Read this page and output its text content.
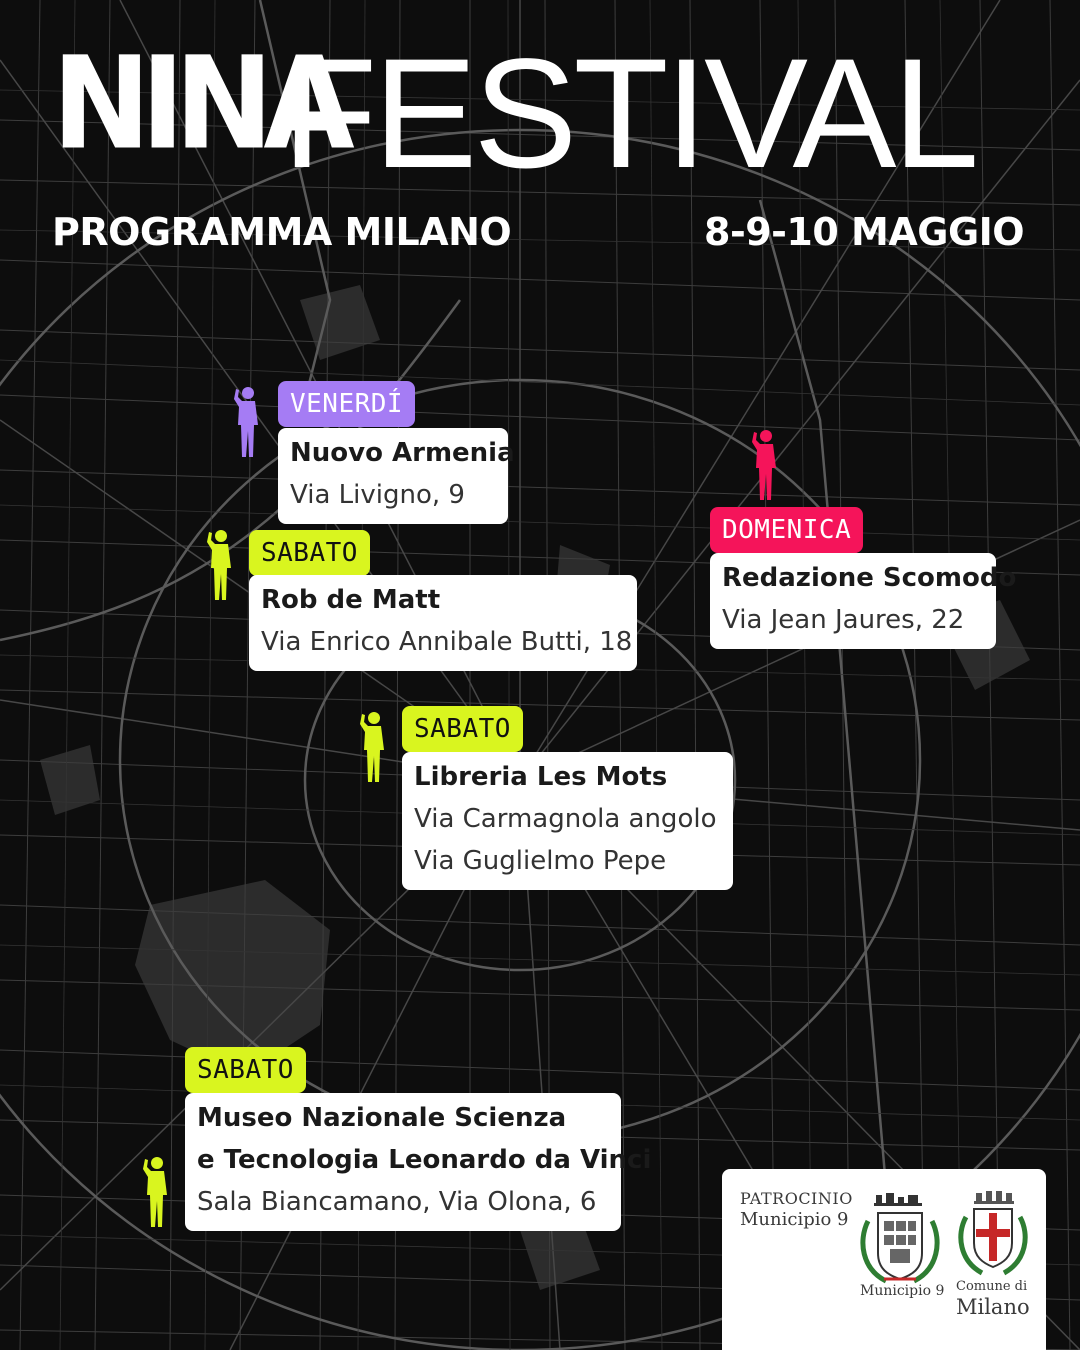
NINA
FESTIVAL
PROGRAMMA MILANO	8-9-10 MAGGIO
VENERDÍ
Nuovo Armenia
Via Livigno, 9
SABATO
Rob de Matt
Via Enrico Annibale Butti, 18
DOMENICA
Redazione Scomodo
Via Jean Jaures, 22
SABATO
Libreria Les Mots
Via Carmagnola angolo
Via Guglielmo Pepe
SABATO
Museo Nazionale Scienza
e Tecnologia Leonardo da Vinci
Sala Biancamano, Via Olona, 6	PATROCINIO
Municipio 9
Municipio 9 Comune di
Milano
